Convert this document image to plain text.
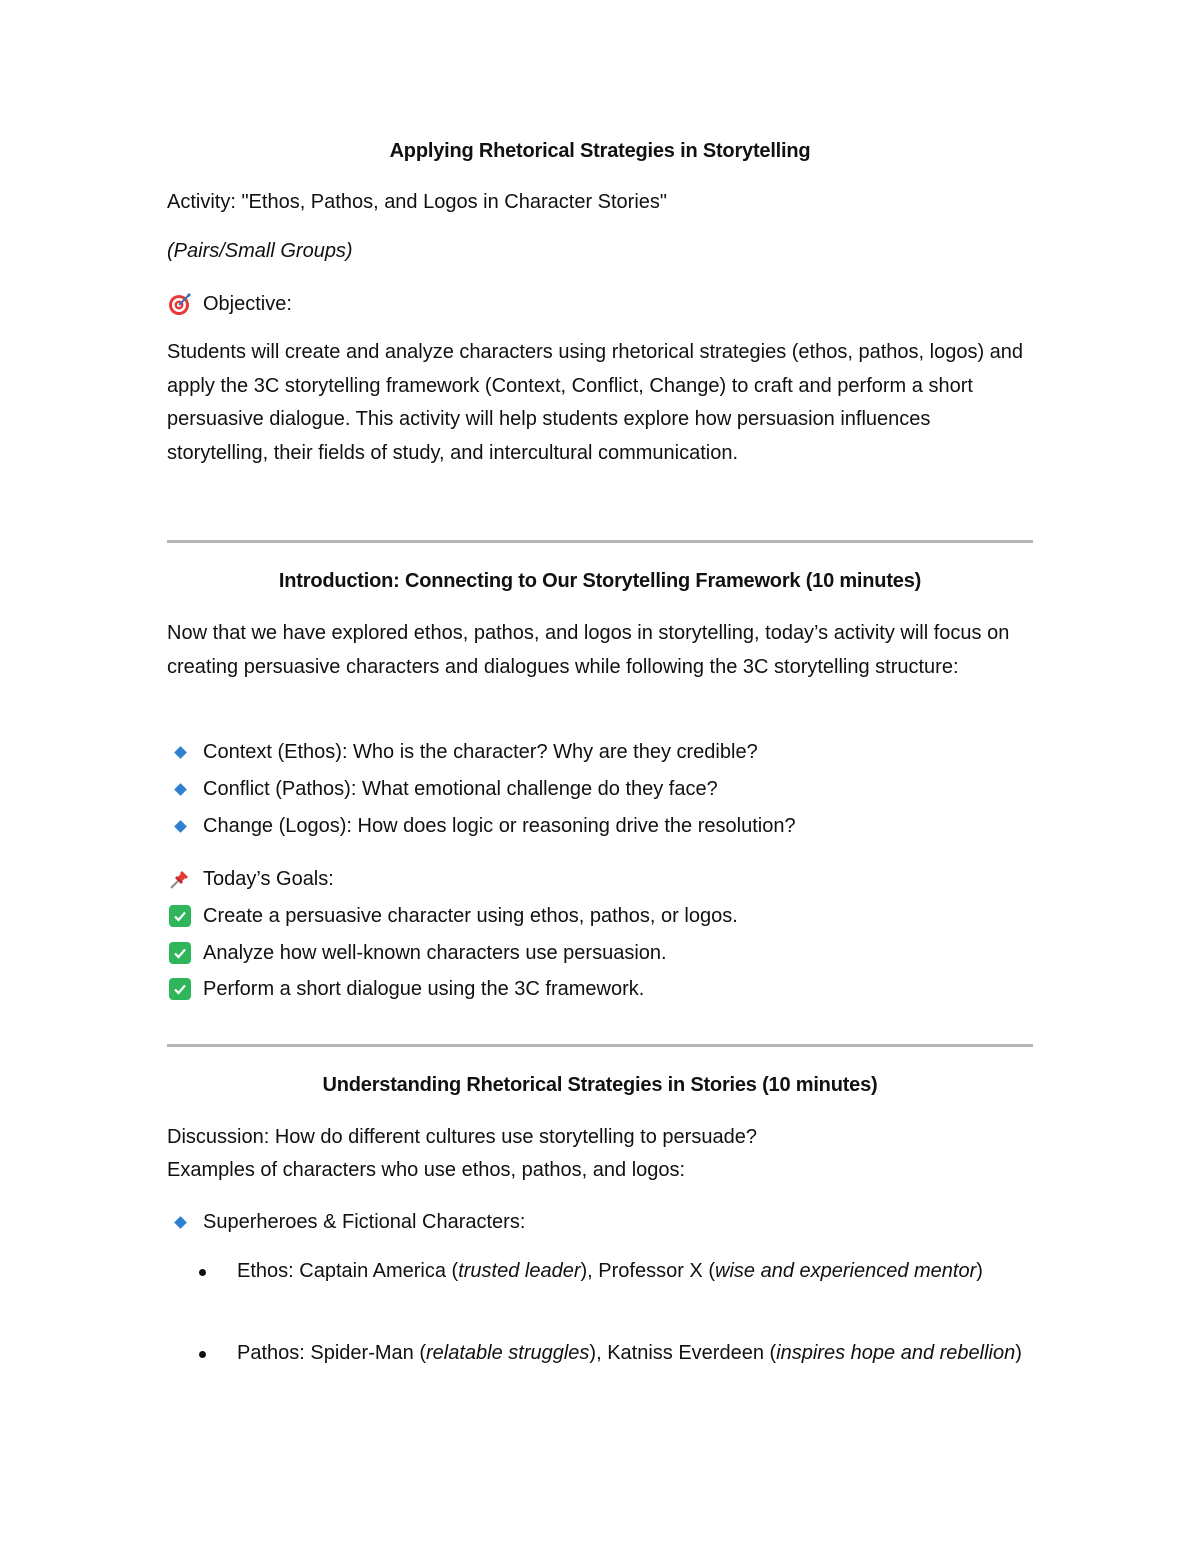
Applying Rhetorical Strategies in Storytelling
Activity: "Ethos, Pathos, and Logos in Character Stories"
(Pairs/Small Groups)
Objective:
Students will create and analyze characters using rhetorical strategies (ethos, pathos, logos) and apply the 3C storytelling framework (Context, Conflict, Change) to craft and perform a short persuasive dialogue. This activity will help students explore how persuasion influences storytelling, their fields of study, and intercultural communication.
Introduction: Connecting to Our Storytelling Framework (10 minutes)
Now that we have explored ethos, pathos, and logos in storytelling, today’s activity will focus on creating persuasive characters and dialogues while following the 3C storytelling structure:
Context (Ethos): Who is the character? Why are they credible?
Conflict (Pathos): What emotional challenge do they face?
Change (Logos): How does logic or reasoning drive the resolution?
Today’s Goals:
Create a persuasive character using ethos, pathos, or logos.
Analyze how well-known characters use persuasion.
Perform a short dialogue using the 3C framework.
Understanding Rhetorical Strategies in Stories (10 minutes)
Discussion: How do different cultures use storytelling to persuade?
Examples of characters who use ethos, pathos, and logos:
Superheroes & Fictional Characters:
Ethos: Captain America (trusted leader), Professor X (wise and experienced mentor)
Pathos: Spider-Man (relatable struggles), Katniss Everdeen (inspires hope and rebellion)
